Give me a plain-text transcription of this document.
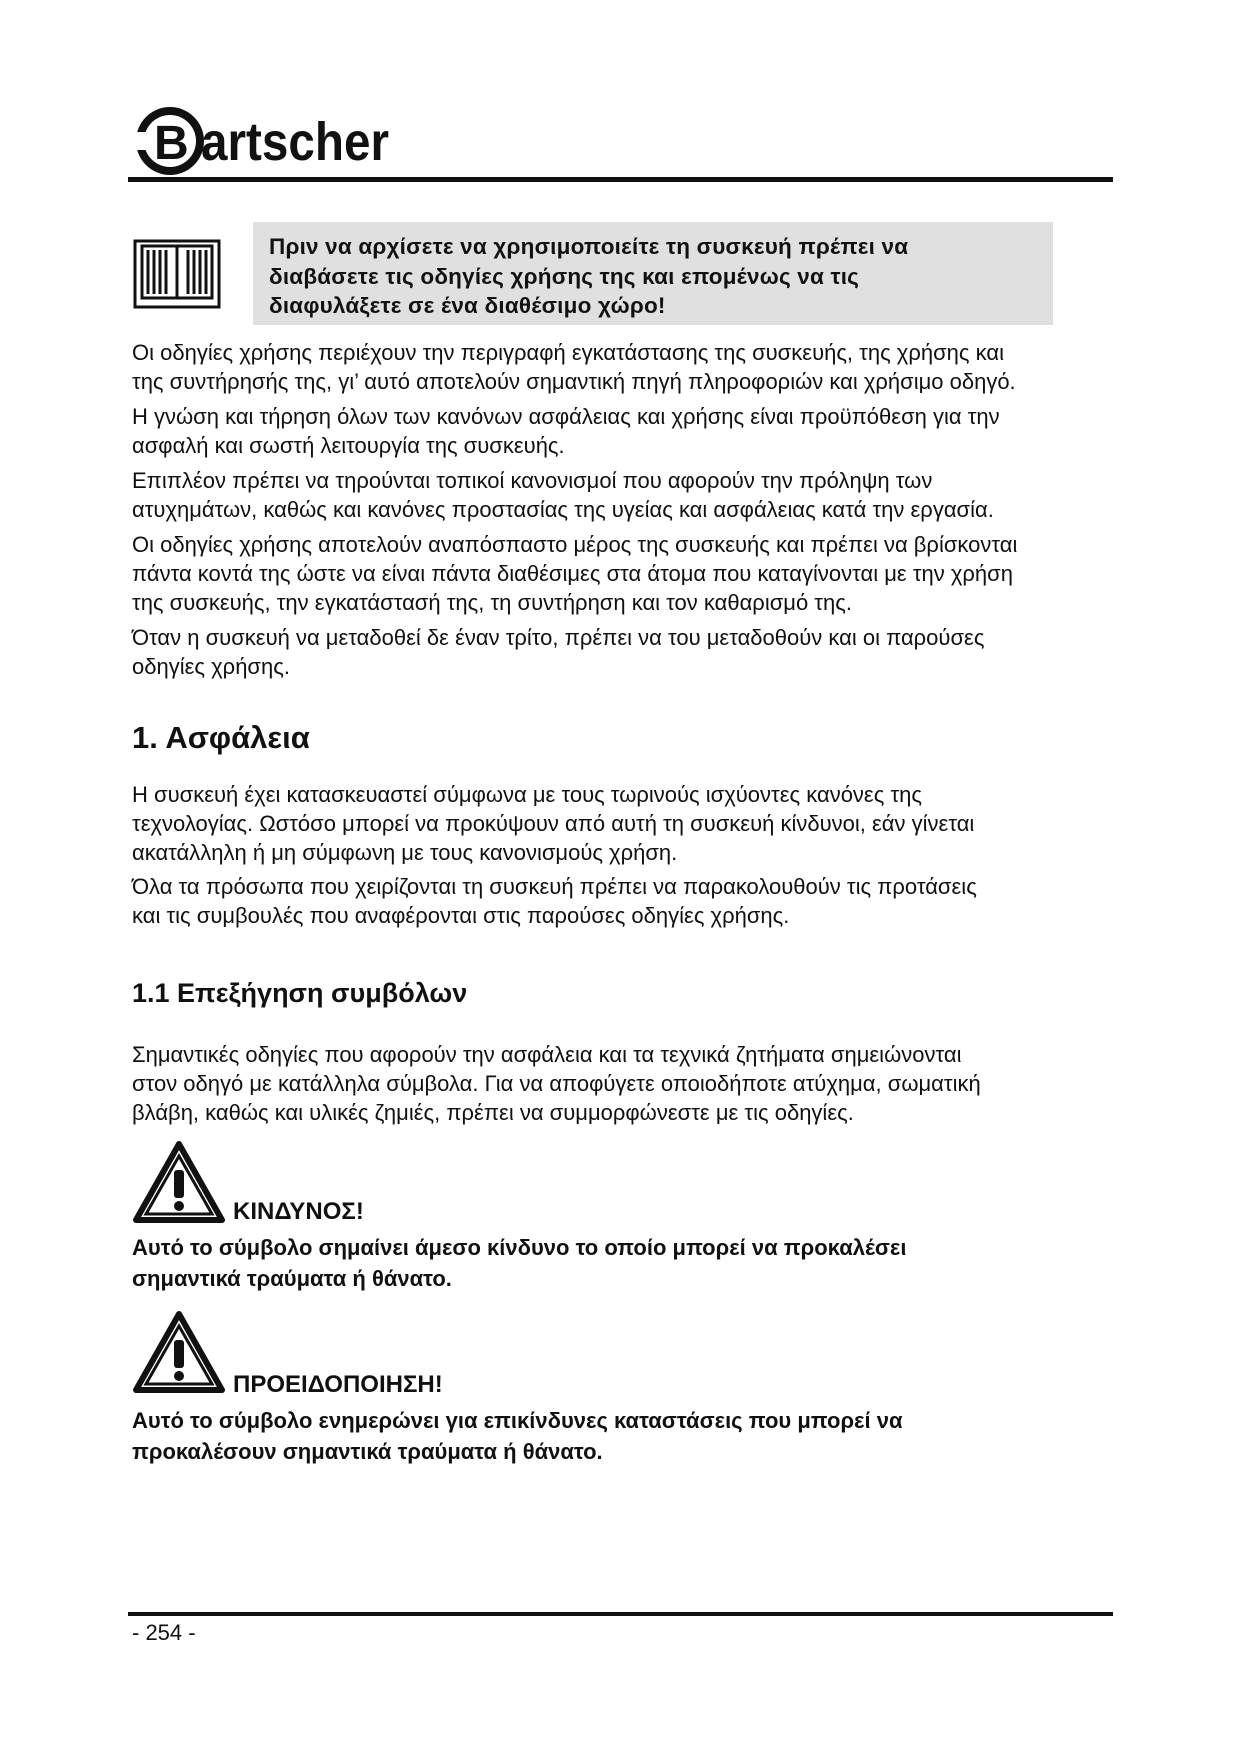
B artscher

Πριν να αρχίσετε να χρησιμοποιείτε τη συσκευή πρέπει να

διαβάσετε τις οδηγίες χρήσης της και επομένως να τις

διαφυλάξετε σε ένα διαθέσιμο χώρο!

Οι οδηγίες χρήσης περιέχουν την περιγραφή εγκατάστασης της συσκευής, της χρήσης και

της συντήρησής της, γι’ αυτό αποτελούν σημαντική πηγή πληροφοριών και χρήσιμο οδηγό.

Η γνώση και τήρηση όλων των κανόνων ασφάλειας και χρήσης είναι προϋπόθεση για την

ασφαλή και σωστή λειτουργία της συσκευής.

Επιπλέον πρέπει να τηρούνται τοπικοί κανονισμοί που αφορούν την πρόληψη των

ατυχημάτων, καθώς και κανόνες προστασίας της υγείας και ασφάλειας κατά την εργασία.

Οι οδηγίες χρήσης αποτελούν αναπόσπαστο μέρος της συσκευής και πρέπει να βρίσκονται

πάντα κοντά της ώστε να είναι πάντα διαθέσιμες στα άτομα που καταγίνονται με την χρήση

της συσκευής, την εγκατάστασή της, τη συντήρηση και τον καθαρισμό της.

Όταν η συσκευή να μεταδοθεί δε έναν τρίτο, πρέπει να του μεταδοθούν και οι παρούσες

οδηγίες χρήσης.

1. Ασφάλεια

Η συσκευή έχει κατασκευαστεί σύμφωνα με τους τωρινούς ισχύοντες κανόνες της

τεχνολογίας. Ωστόσο μπορεί να προκύψουν από αυτή τη συσκευή κίνδυνοι, εάν γίνεται

ακατάλληλη ή μη σύμφωνη με τους κανονισμούς χρήση.

Όλα τα πρόσωπα που χειρίζονται τη συσκευή πρέπει να παρακολουθούν τις προτάσεις

και τις συμβουλές που αναφέρονται στις παρούσες οδηγίες χρήσης.

1.1 Επεξήγηση συμβόλων

Σημαντικές οδηγίες που αφορούν την ασφάλεια και τα τεχνικά ζητήματα σημειώνονται

στον οδηγό με κατάλληλα σύμβολα. Για να αποφύγετε οποιοδήποτε ατύχημα, σωματική

βλάβη, καθώς και υλικές ζημιές, πρέπει να συμμορφώνεστε με τις οδηγίες.

ΚΙΝΔΥΝΟΣ!

Αυτό το σύμβολο σημαίνει άμεσο κίνδυνο το οποίο μπορεί να προκαλέσει

σημαντικά τραύματα ή θάνατο.

ΠΡΟΕΙΔΟΠΟΙΗΣΗ!

Αυτό το σύμβολο ενημερώνει για επικίνδυνες καταστάσεις που μπορεί να

προκαλέσουν σημαντικά τραύματα ή θάνατο.

- 254 -
